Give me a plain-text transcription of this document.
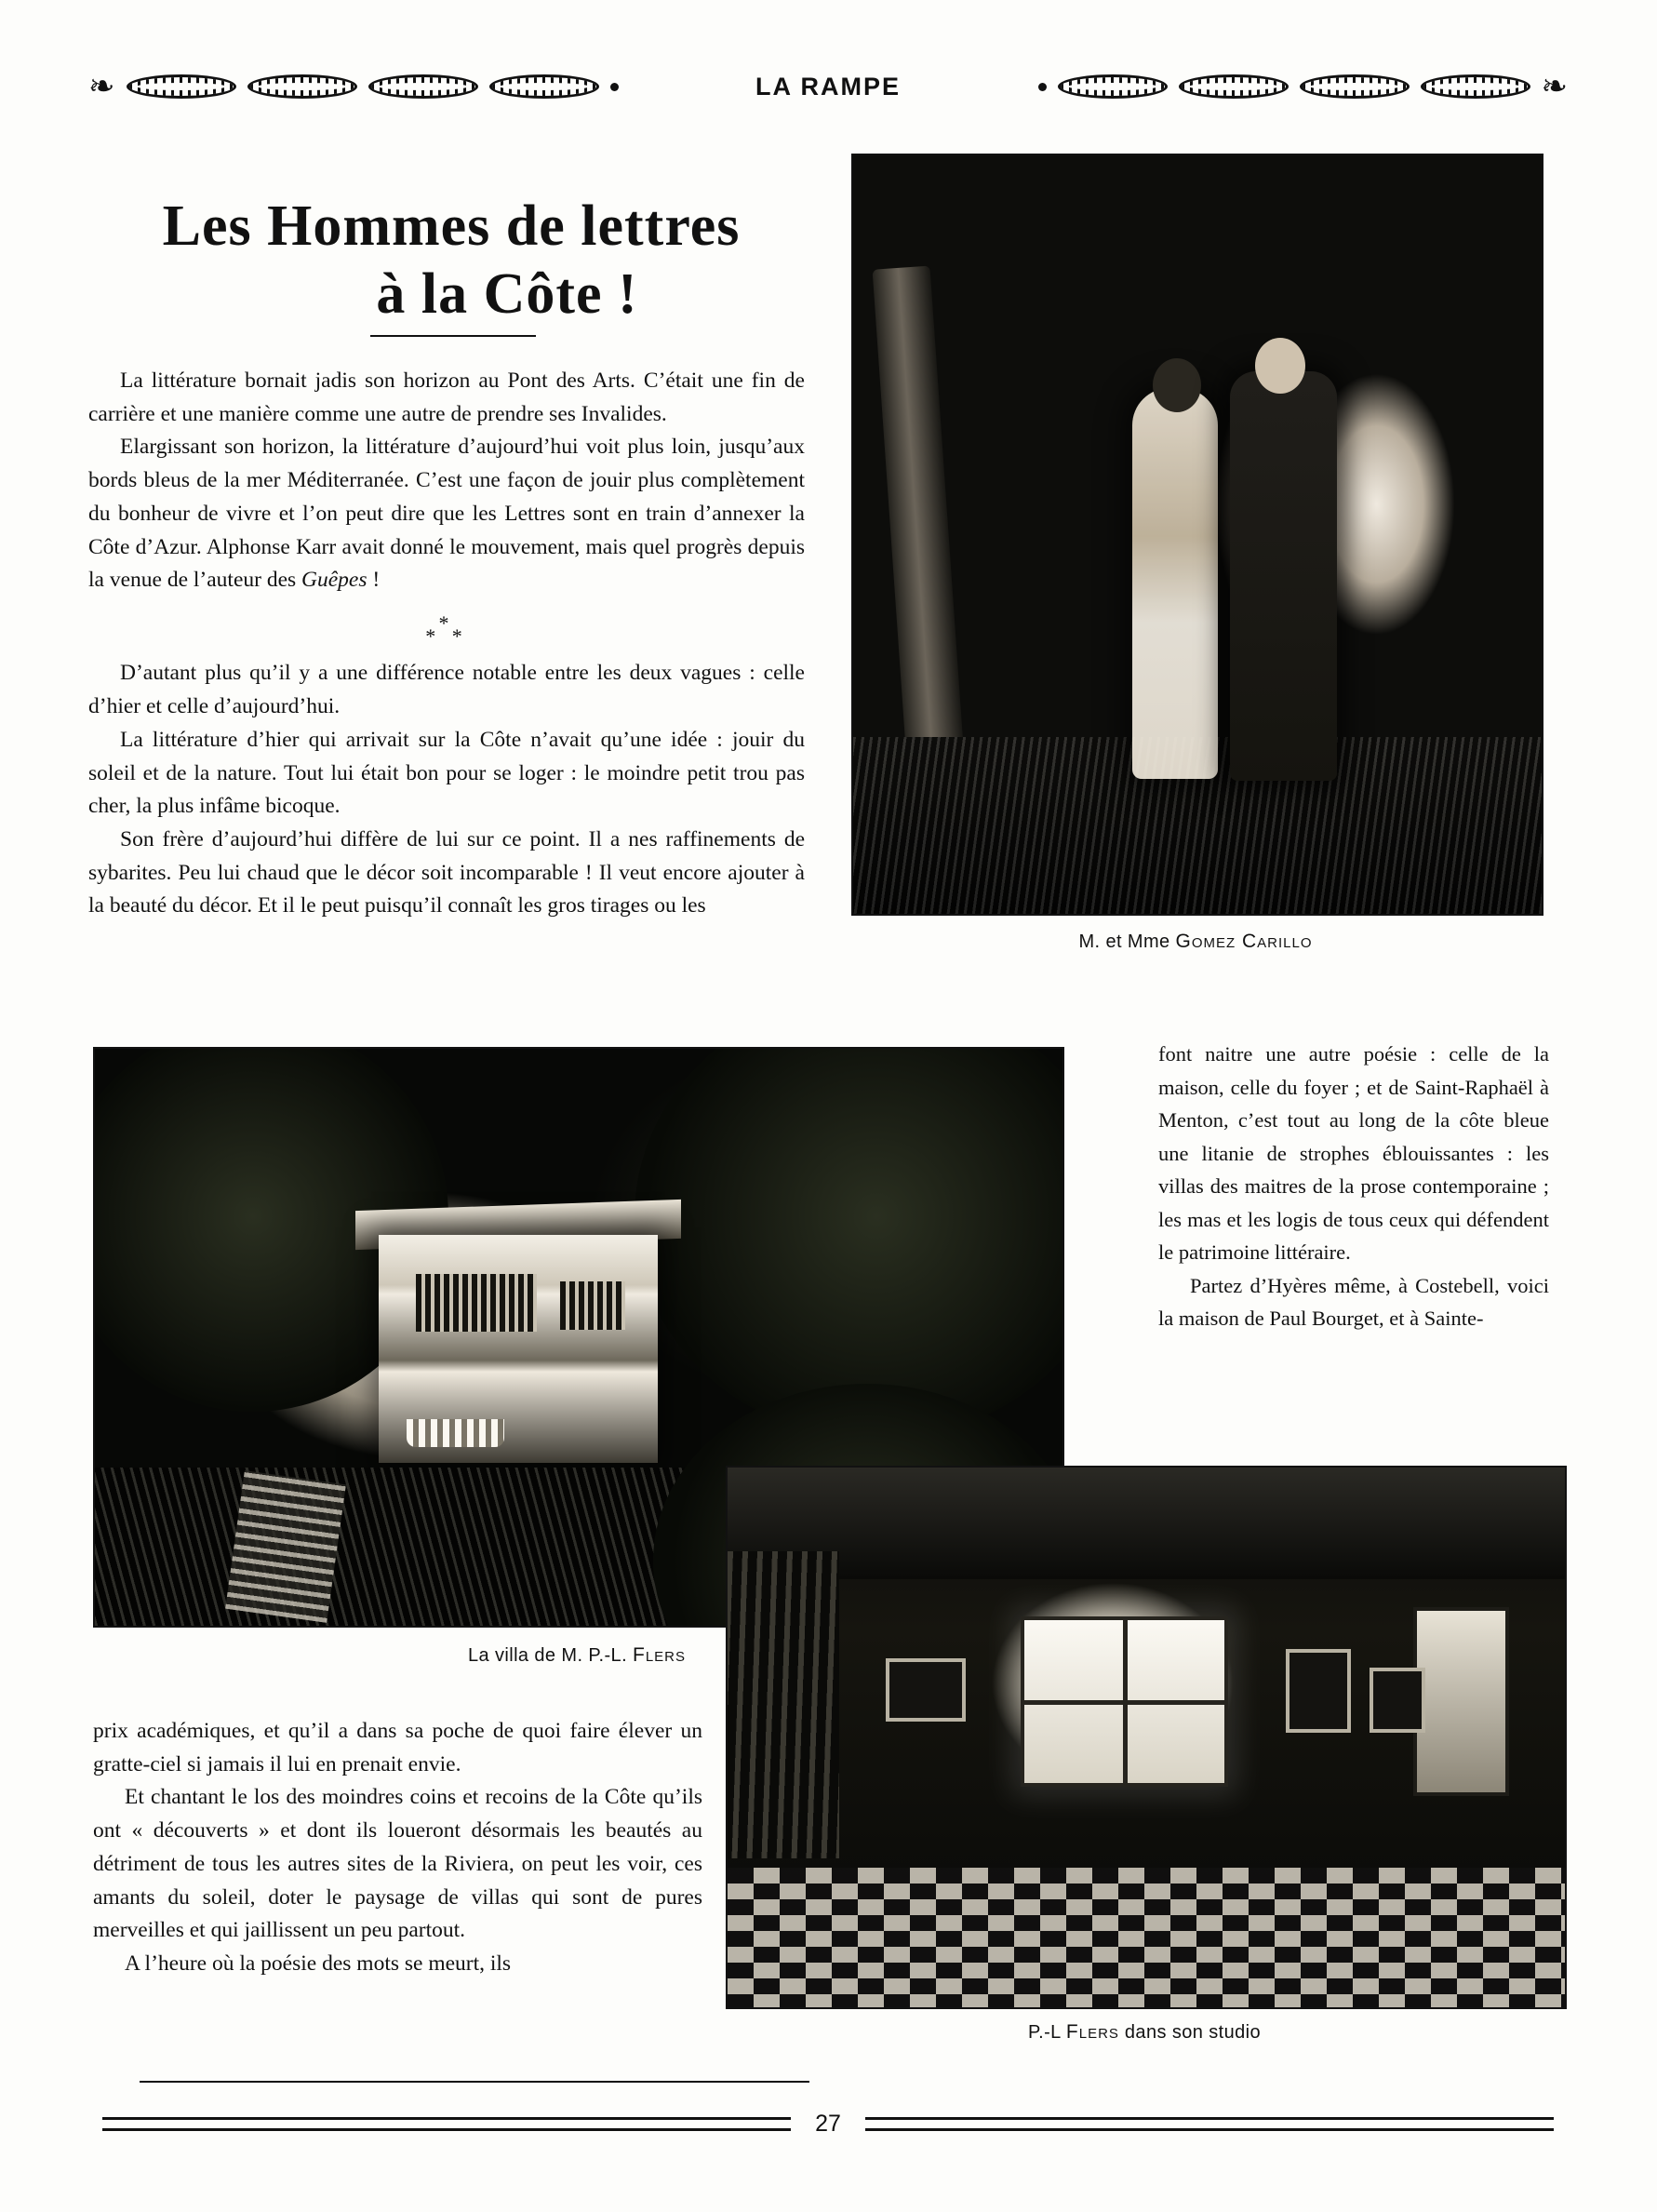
❧	LA RAMPE	❧
Les Hommes de lettres
à la Côte !

La littérature bornait jadis son horizon au Pont des Arts. C’était une fin de carrière et une manière comme une autre de prendre ses Invalides.

Elargissant son horizon, la littérature d’aujourd’hui voit plus loin, jusqu’aux bords bleus de la mer Méditerranée. C’est une façon de jouir plus complètement du bonheur de vivre et l’on peut dire que les Lettres sont en train d’annexer la Côte d’Azur. Alphonse Karr avait donné le mouvement, mais quel progrès depuis la venue de l’auteur des Guêpes !

*
* *

D’autant plus qu’il y a une différence notable entre les deux vagues : celle d’hier et celle d’aujourd’hui.

La littérature d’hier qui arrivait sur la Côte n’avait qu’une idée : jouir du soleil et de la nature. Tout lui était bon pour se loger : le moindre petit trou pas cher, la plus infâme bicoque.

Son frère d’aujourd’hui diffère de lui sur ce point. Il a nes raffinements de sybarites. Peu lui chaud que le décor soit incomparable ! Il veut encore ajouter à la beauté du décor. Et il le peut puisqu’il connaît les gros tirages ou les

font naitre une autre poésie : celle de la maison, celle du foyer ; et de Saint-Raphaël à Menton, c’est tout au long de la côte bleue une litanie de strophes éblouissantes : les villas des maitres de la prose contemporaine ; les mas et les logis de tous ceux qui défendent le patrimoine littéraire.

Partez d’Hyères même, à Costebell, voici la maison de Paul Bourget, et à Sainte-

prix académiques, et qu’il a dans sa poche de quoi faire élever un gratte-ciel si jamais il lui en prenait envie.

Et chantant le los des moindres coins et recoins de la Côte qu’ils ont « découverts » et dont ils loueront désormais les beautés au détriment de tous les autres sites de la Riviera, on peut les voir, ces amants du soleil, doter le paysage de villas qui sont de pures merveilles et qui jaillissent un peu partout.

A l’heure où la poésie des mots se meurt, ils

M. et Mme Gomez Carillo
La villa de M. P.-L. Flers
P.-L Flers dans son studio
27
